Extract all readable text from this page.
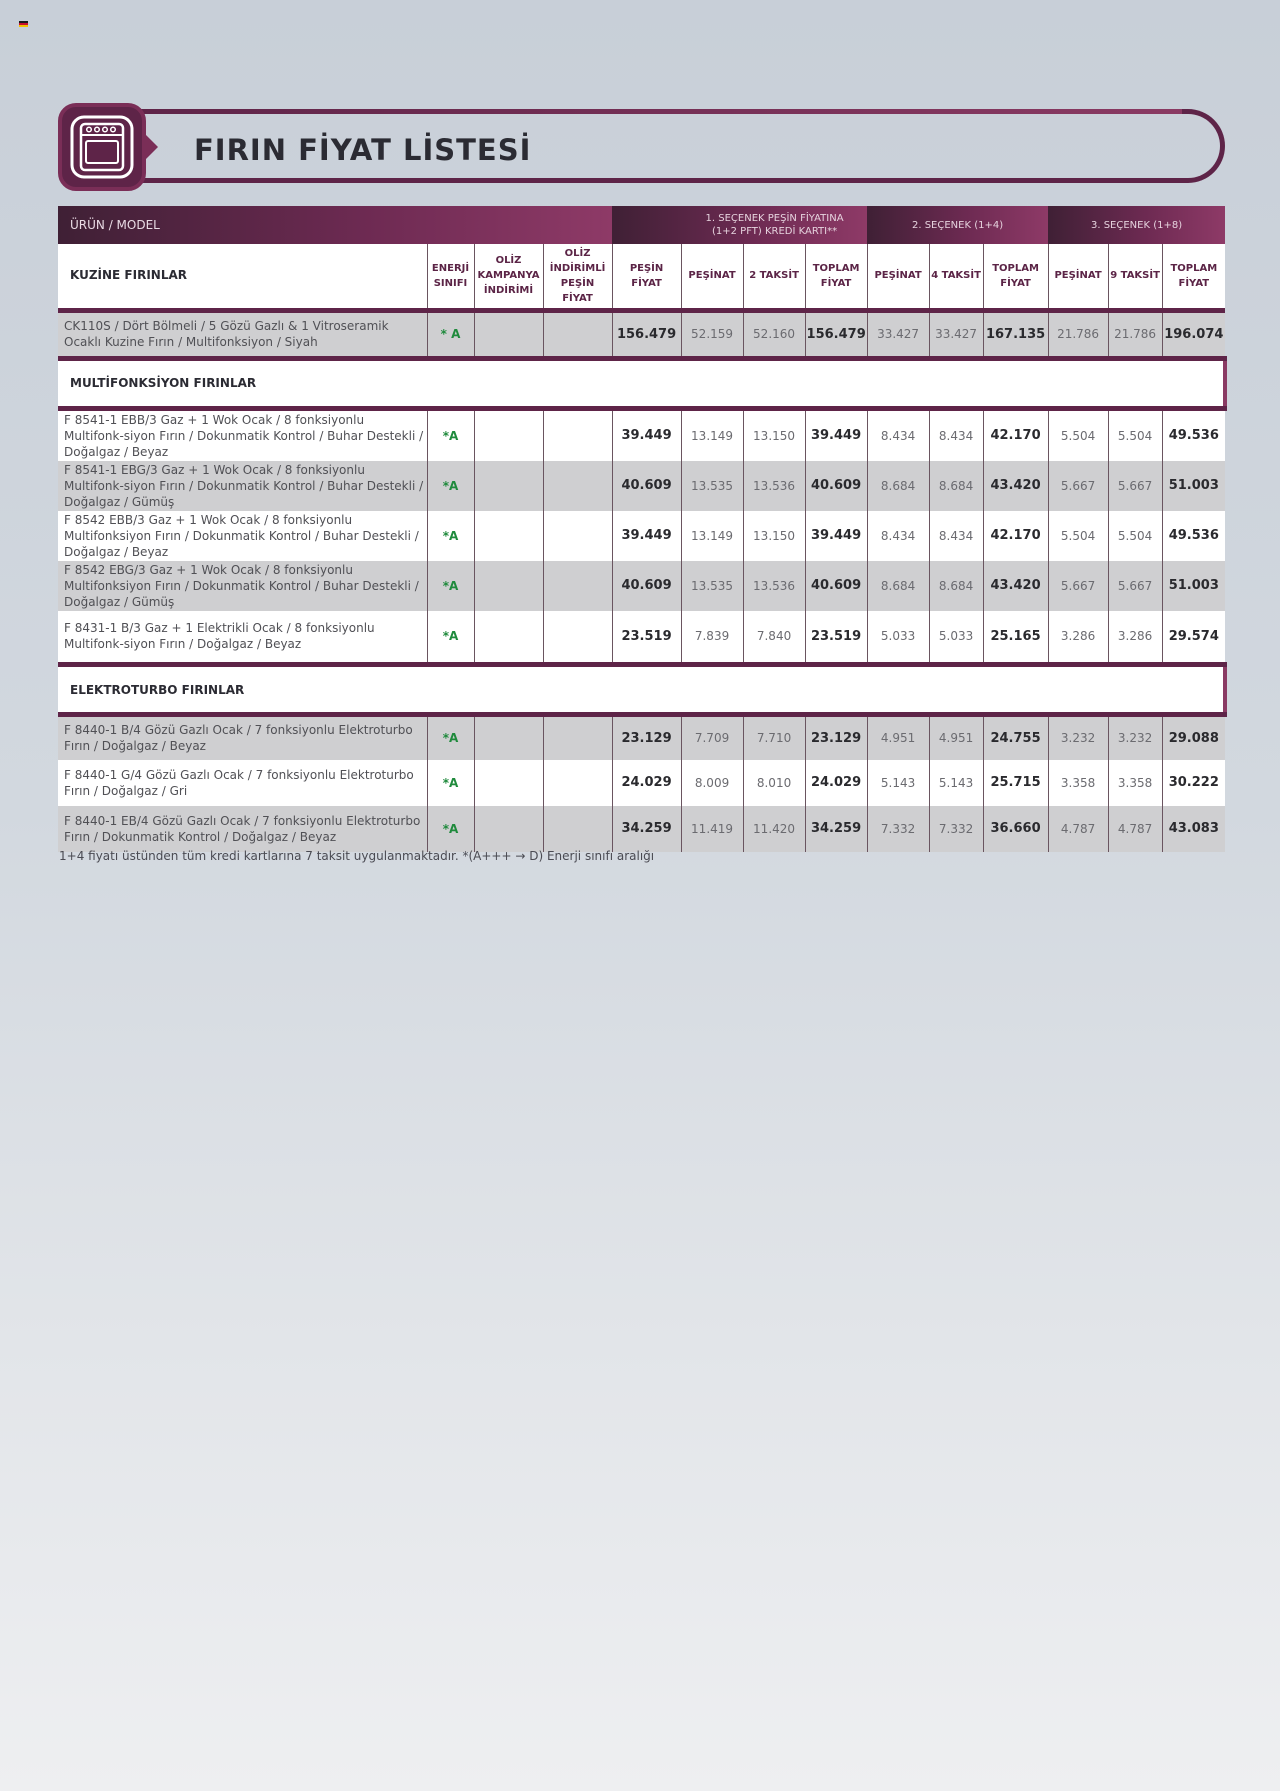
FIRIN FİYAT LİSTESİ
ÜRÜN / MODEL				1. SEÇENEK PEŞİN FİYATINA (1+2 PFT) KREDİ KARTI**				2. SEÇENEK (1+4)			3. SEÇENEK (1+8)		
KUZİNE FIRINLAR	ENERJİ SINIFI	OLİZ KAMPANYA İNDİRİMİ	OLİZ İNDİRİMLİ PEŞİN FİYAT	PEŞİN FİYAT	PEŞİNAT	2 TAKSİT	TOPLAM FİYAT	PEŞİNAT	4 TAKSİT	TOPLAM FİYAT	PEŞİNAT	9 TAKSİT	TOPLAM FİYAT
CK110S / Dört Bölmeli / 5 Gözü Gazlı & 1 Vitroseramik Ocaklı Kuzine Fırın / Multifonksiyon / Siyah	* A			156.479	52.159	52.160	156.479	33.427	33.427	167.135	21.786	21.786	196.074
MULTİFONKSİYON FIRINLAR													
F 8541-1 EBB/3 Gaz + 1 Wok Ocak / 8 fonksiyonlu Multifonk-siyon Fırın / Dokunmatik Kontrol / Buhar Destekli / Doğalgaz / Beyaz	*A			39.449	13.149	13.150	39.449	8.434	8.434	42.170	5.504	5.504	49.536
F 8541-1 EBG/3 Gaz + 1 Wok Ocak / 8 fonksiyonlu Multifonk-siyon Fırın / Dokunmatik Kontrol / Buhar Destekli / Doğalgaz / Gümüş	*A			40.609	13.535	13.536	40.609	8.684	8.684	43.420	5.667	5.667	51.003
F 8542 EBB/3 Gaz + 1 Wok Ocak / 8 fonksiyonlu Multifonksiyon Fırın / Dokunmatik Kontrol / Buhar Destekli / Doğalgaz / Beyaz	*A			39.449	13.149	13.150	39.449	8.434	8.434	42.170	5.504	5.504	49.536
F 8542 EBG/3 Gaz + 1 Wok Ocak / 8 fonksiyonlu Multifonksiyon Fırın / Dokunmatik Kontrol / Buhar Destekli / Doğalgaz / Gümüş	*A			40.609	13.535	13.536	40.609	8.684	8.684	43.420	5.667	5.667	51.003
F 8431-1 B/3 Gaz + 1 Elektrikli Ocak / 8 fonksiyonlu Multifonk-siyon Fırın / Doğalgaz / Beyaz	*A			23.519	7.839	7.840	23.519	5.033	5.033	25.165	3.286	3.286	29.574
ELEKTROTURBO FIRINLAR													
F 8440-1 B/4 Gözü Gazlı Ocak / 7 fonksiyonlu Elektroturbo Fırın / Doğalgaz / Beyaz	*A			23.129	7.709	7.710	23.129	4.951	4.951	24.755	3.232	3.232	29.088
F 8440-1 G/4 Gözü Gazlı Ocak / 7 fonksiyonlu Elektroturbo Fırın / Doğalgaz / Gri	*A			24.029	8.009	8.010	24.029	5.143	5.143	25.715	3.358	3.358	30.222
F 8440-1 EB/4 Gözü Gazlı Ocak / 7 fonksiyonlu Elektroturbo Fırın / Dokunmatik Kontrol / Doğalgaz / Beyaz	*A			34.259	11.419	11.420	34.259	7.332	7.332	36.660	4.787	4.787	43.083
1+4 fiyatı üstünden tüm kredi kartlarına 7 taksit uygulanmaktadır. *(A+++ → D) Enerji sınıfı aralığı
